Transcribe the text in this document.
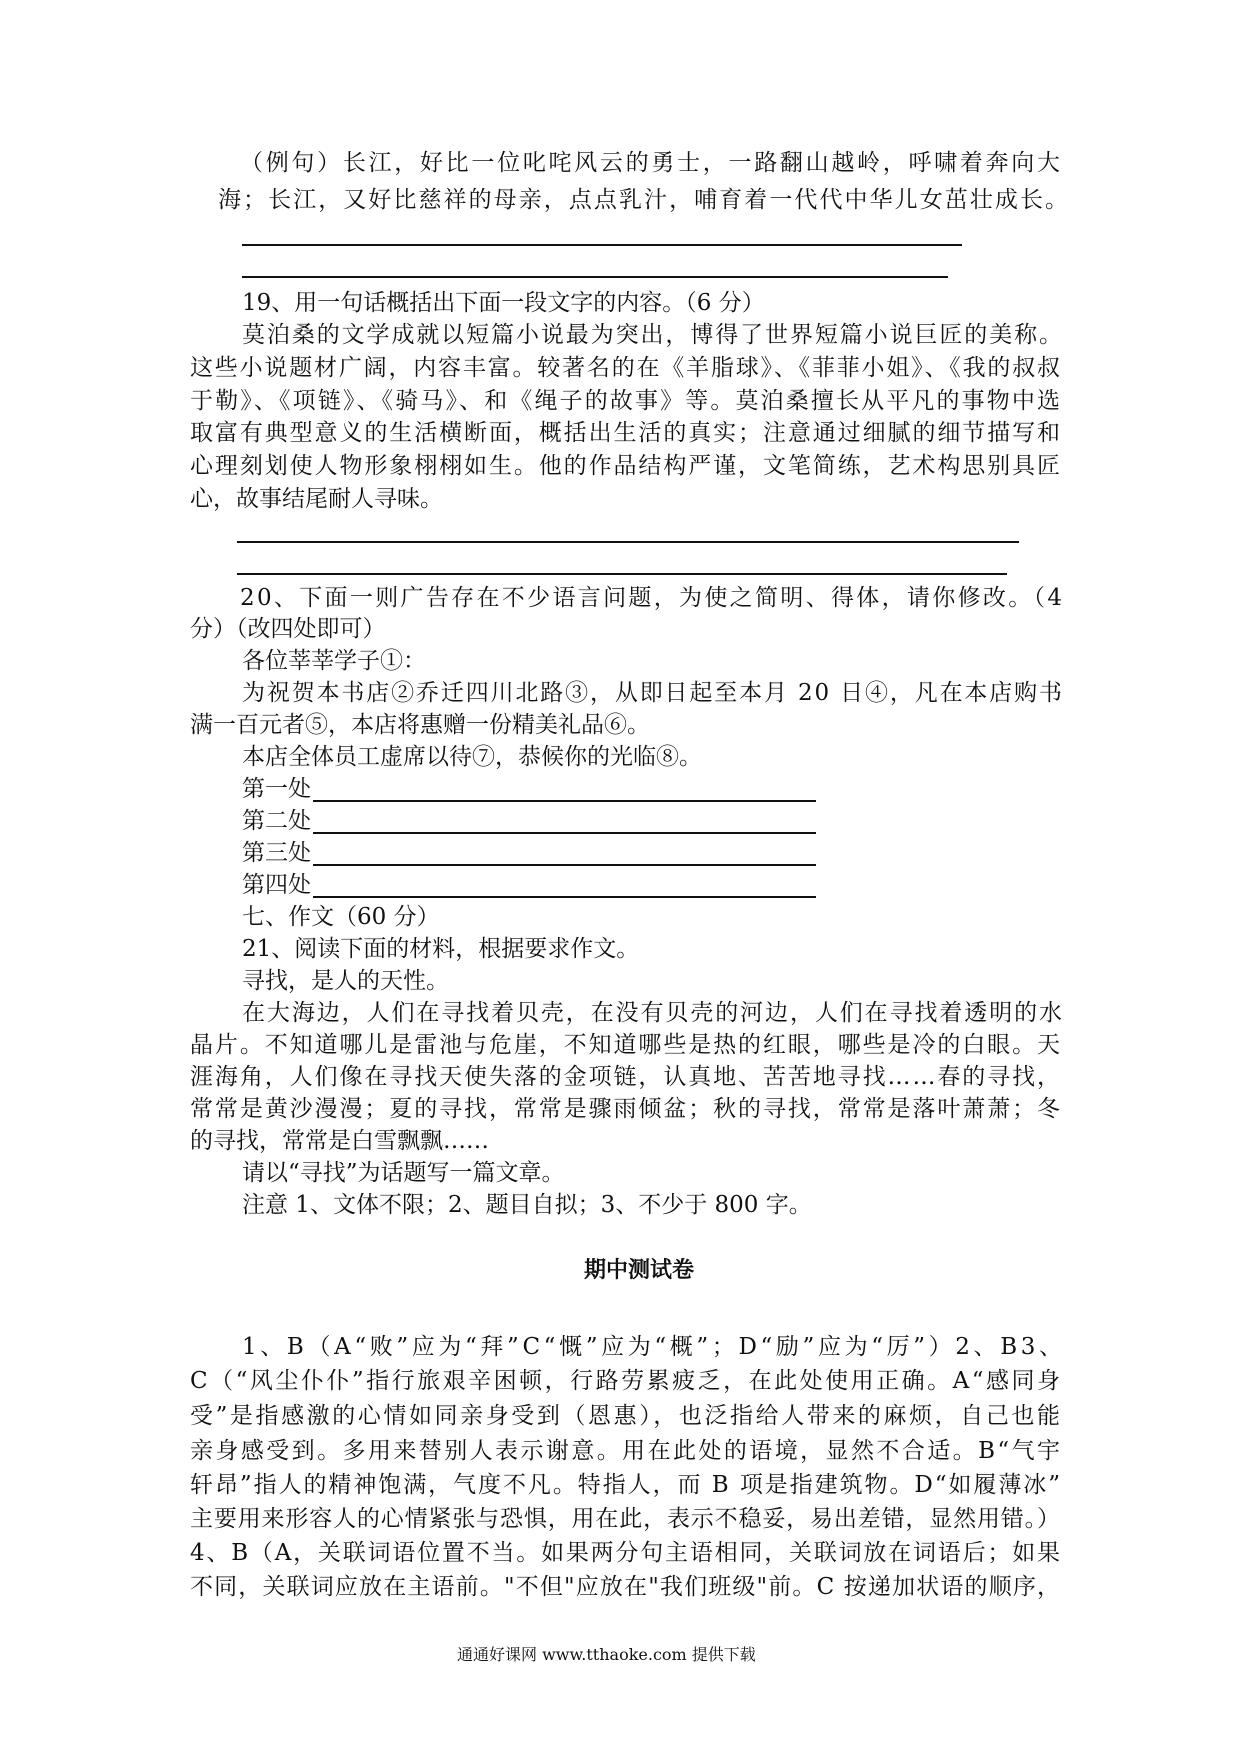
（例句）长江，好比一位叱咤风云的勇士，一路翻山越岭，呼啸着奔向大
海；长江，又好比慈祥的母亲，点点乳汁，哺育着一代代中华儿女茁壮成长。
19、用一句话概括出下面一段文字的内容。（6 分）
莫泊桑的文学成就以短篇小说最为突出，博得了世界短篇小说巨匠的美称。
这些小说题材广阔，内容丰富。较著名的在《羊脂球》、《菲菲小姐》、《我的叔叔
于勒》、《项链》、《骑马》、和《绳子的故事》等。莫泊桑擅长从平凡的事物中选
取富有典型意义的生活横断面，概括出生活的真实；注意通过细腻的细节描写和
心理刻划使人物形象栩栩如生。他的作品结构严谨，文笔简练，艺术构思别具匠
心，故事结尾耐人寻味。
20、下面一则广告存在不少语言问题，为使之简明、得体，请你修改。（4
分）（改四处即可）
各位莘莘学子①：
为祝贺本书店②乔迁四川北路③，从即日起至本月 20 日④，凡在本店购书
满一百元者⑤，本店将惠赠一份精美礼品⑥。
本店全体员工虚席以待⑦，恭候你的光临⑧。
第一处
第二处
第三处
第四处
七、作文（60 分）
21、阅读下面的材料，根据要求作文。
寻找，是人的天性。
在大海边，人们在寻找着贝壳，在没有贝壳的河边，人们在寻找着透明的水
晶片。不知道哪儿是雷池与危崖，不知道哪些是热的红眼，哪些是冷的白眼。天
涯海角，人们像在寻找天使失落的金项链，认真地、苦苦地寻找……春的寻找，
常常是黄沙漫漫；夏的寻找，常常是骤雨倾盆；秋的寻找，常常是落叶萧萧；冬
的寻找，常常是白雪飘飘……
请以“寻找”为话题写一篇文章。
注意 1、文体不限；2、题目自拟；3、不少于 800 字。
期中测试卷
1、B（A“败”应为“拜”C“慨”应为“概”；D“励”应为“厉”）2、B3、
C（“风尘仆仆”指行旅艰辛困顿，行路劳累疲乏，在此处使用正确。A“感同身
受”是指感激的心情如同亲身受到（恩惠），也泛指给人带来的麻烦，自己也能
亲身感受到。多用来替别人表示谢意。用在此处的语境，显然不合适。B“气宇
轩昂”指人的精神饱满，气度不凡。特指人，而 B 项是指建筑物。D“如履薄冰”
主要用来形容人的心情紧张与恐惧，用在此，表示不稳妥，易出差错，显然用错。）
4、B（A，关联词语位置不当。如果两分句主语相同，关联词放在词语后；如果
不同，关联词应放在主语前。"不但"应放在"我们班级"前。C 按递加状语的顺序，
通通好课网 www.tthaoke.com 提供下载
